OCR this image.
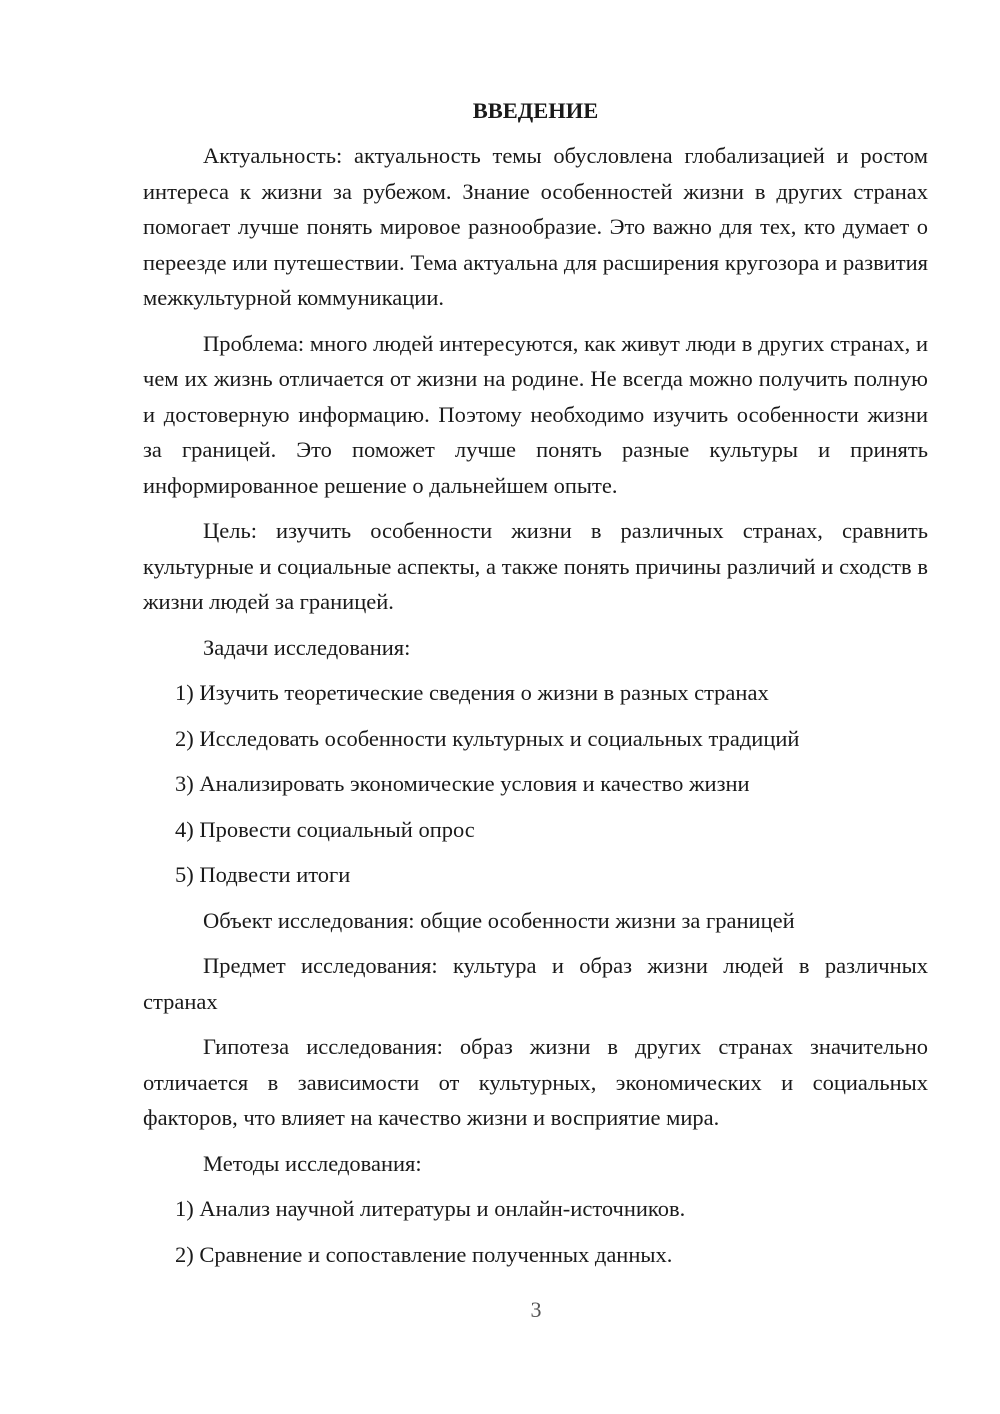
ВВЕДЕНИЕ

Актуальность: актуальность темы обусловлена глобализацией и ростом интереса к жизни за рубежом. Знание особенностей жизни в других странах помогает лучше понять мировое разнообразие. Это важно для тех, кто думает о переезде или путешествии. Тема актуальна для расширения кругозора и развития межкультурной коммуникации.

Проблема: много людей интересуются, как живут люди в других странах, и чем их жизнь отличается от жизни на родине. Не всегда можно получить полную и достоверную информацию. Поэтому необходимо изучить особенности жизни за границей. Это поможет лучше понять разные культуры и принять информированное решение о дальнейшем опыте.

Цель: изучить особенности жизни в различных странах, сравнить культурные и социальные аспекты, а также понять причины различий и сходств в жизни людей за границей.

Задачи исследования:
1) Изучить теоретические сведения о жизни в разных странах
2) Исследовать особенности культурных и социальных традиций
3) Анализировать экономические условия и качество жизни
4) Провести социальный опрос
5) Подвести итоги

Объект исследования: общие особенности жизни за границей

Предмет исследования: культура и образ жизни людей в различных странах

Гипотеза исследования: образ жизни в других странах значительно отличается в зависимости от культурных, экономических и социальных факторов, что влияет на качество жизни и восприятие мира.

Методы исследования:
1) Анализ научной литературы и онлайн-источников.
2) Сравнение и сопоставление полученных данных.
3
